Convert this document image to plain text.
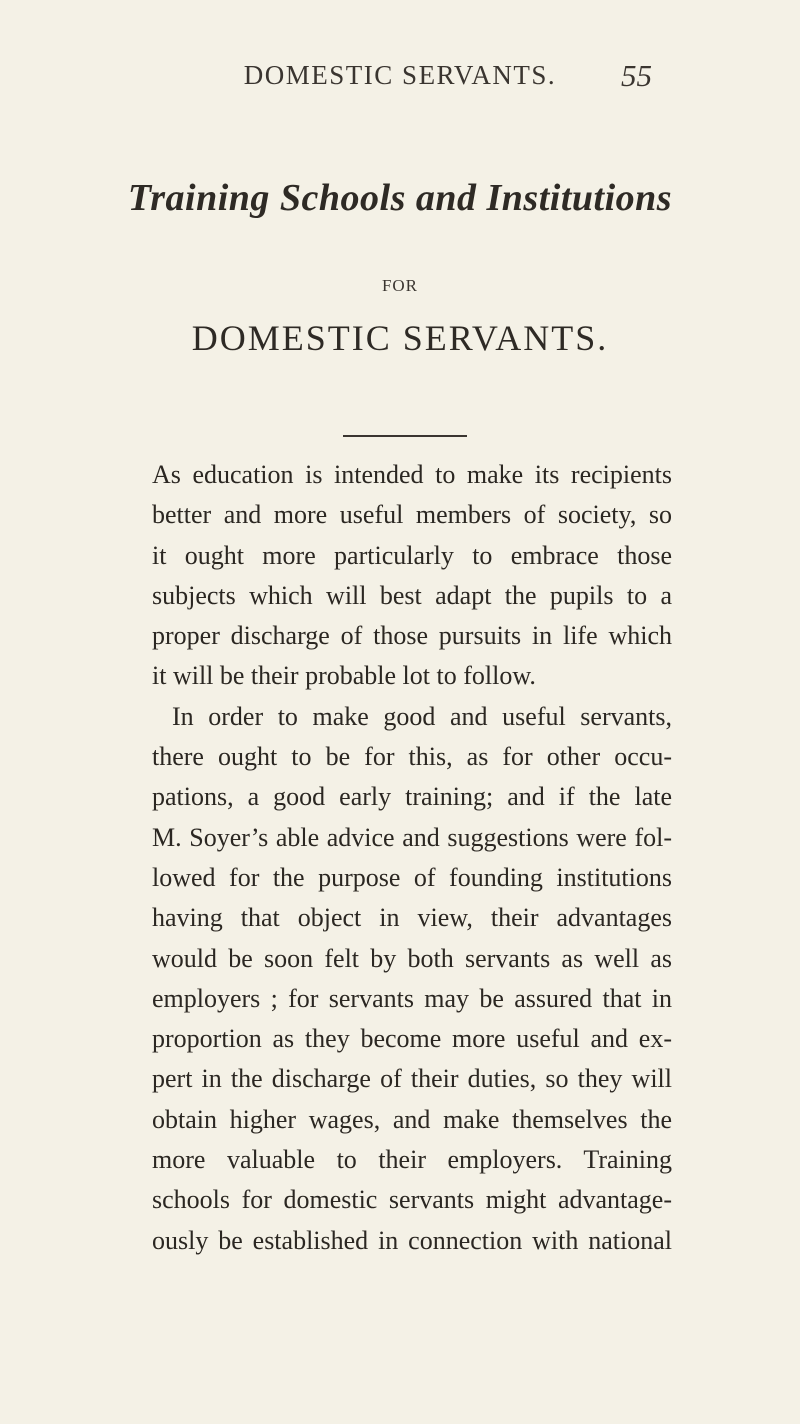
DOMESTIC SERVANTS.	55
Training Schools and Institutions
FOR
DOMESTIC SERVANTS.
As education is intended to make its recipients
better and more useful members of society, so
it ought more particularly to embrace those
subjects which will best adapt the pupils to a
proper discharge of those pursuits in life which
it will be their probable lot to follow.
In order to make good and useful servants,
there ought to be for this, as for other occu-
pations, a good early training; and if the late
M. Soyer’s able advice and suggestions were fol-
lowed for the purpose of founding institutions
having that object in view, their advantages
would be soon felt by both servants as well as
employers ; for servants may be assured that in
proportion as they become more useful and ex-
pert in the discharge of their duties, so they will
obtain higher wages, and make themselves the
more valuable to their employers. Training
schools for domestic servants might advantage-
ously be established in connection with national
